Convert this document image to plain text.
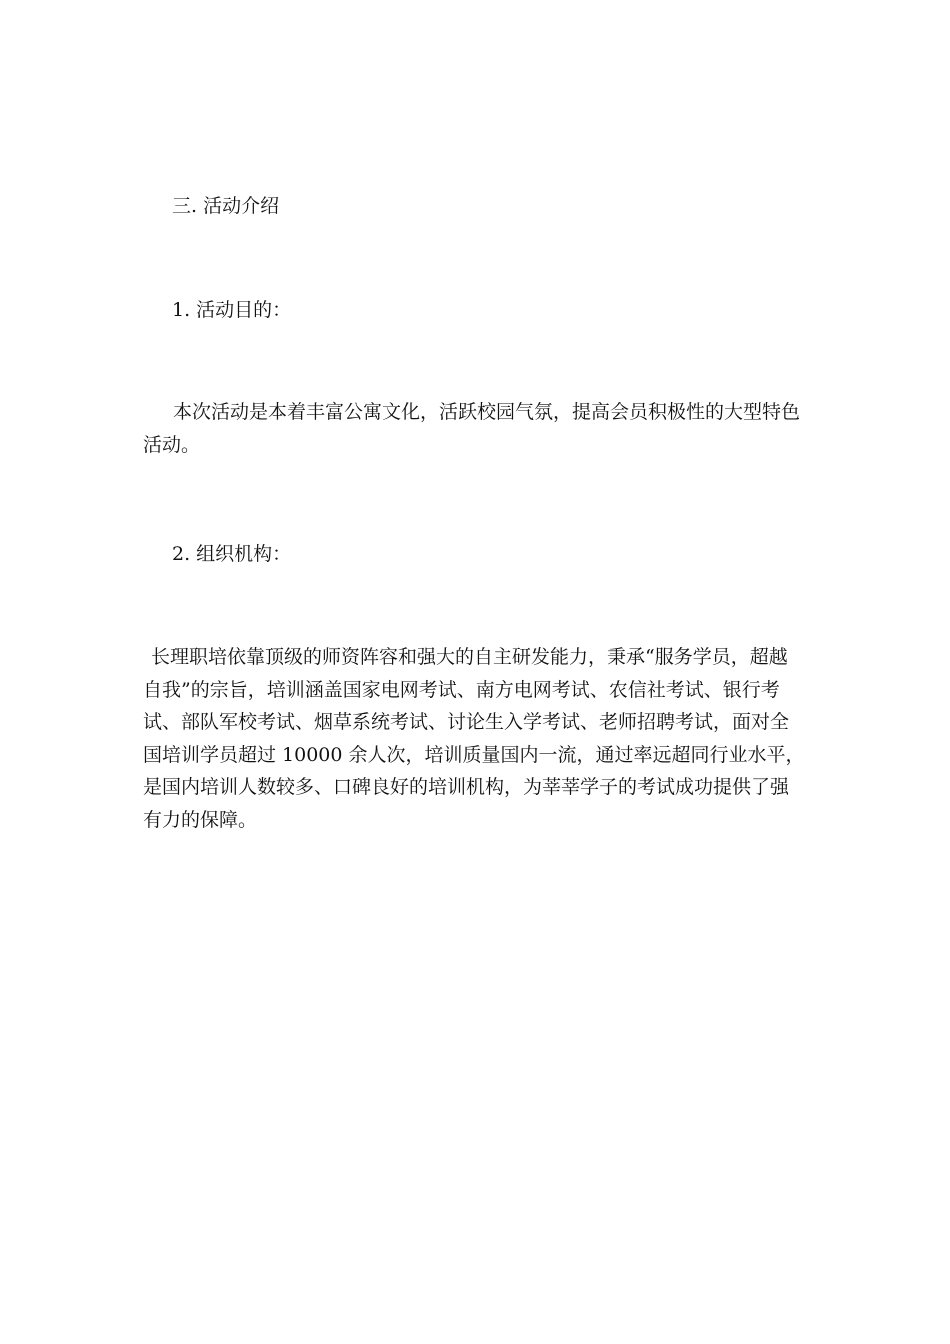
三. 活动介绍
1. 活动目的：
本次活动是本着丰富公寓文化，活跃校园气氛，提高会员积极性的大型特色
活动。
2. 组织机构：
长理职培依靠顶级的师资阵容和强大的自主研发能力，秉承“服务学员，超越
自我”的宗旨，培训涵盖国家电网考试、南方电网考试、农信社考试、银行考
试、部队军校考试、烟草系统考试、讨论生入学考试、老师招聘考试，面对全
国培训学员超过 10000 余人次，培训质量国内一流，通过率远超同行业水平，
是国内培训人数较多、口碑良好的培训机构，为莘莘学子的考试成功提供了强
有力的保障。
